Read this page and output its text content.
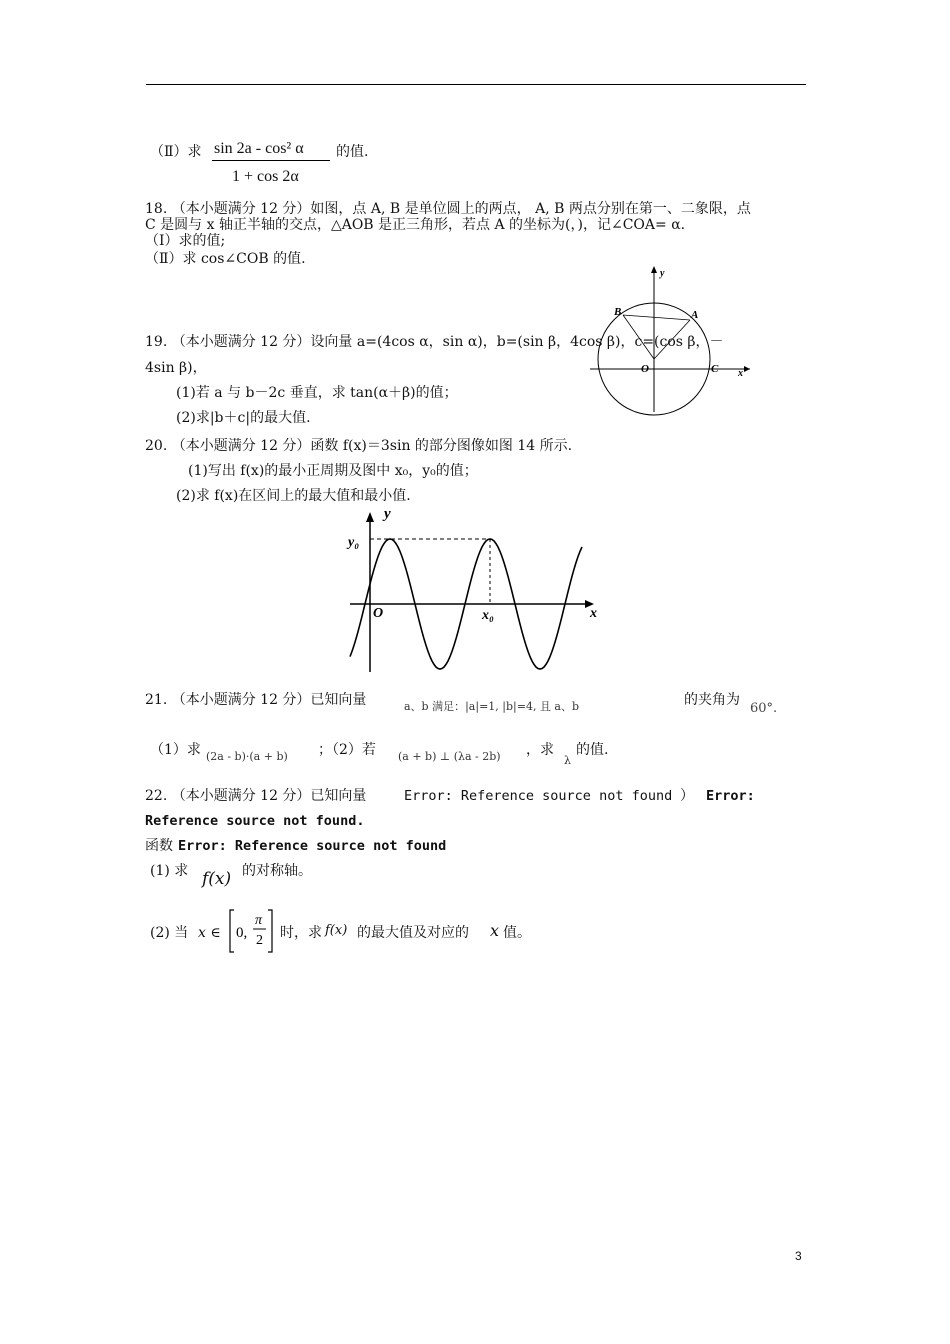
（Ⅱ）求 sin 2a - cos² α
1 + cos 2α
的值.
18. （本小题满分 12 分）如图，点 A, B 是单位圆上的两点， A, B 两点分别在第一、二象限，点
C 是圆与 x 轴正半轴的交点，△AOB 是正三角形，若点 A 的坐标为(，)，记∠COA= α.
（Ⅰ）求的值;
（Ⅱ）求 cos∠COB 的值.
B	A
O	C x
y
19. （本小题满分 12 分）设向量 a=(4cos α，sin α)，b=(sin β，4cos β)，c=(cos β，－
4sin β)，
(1)若 a 与 b－2c 垂直，求 tan(α＋β)的值；
(2)求|b＋c|的最大值.
20. （本小题满分 12 分）函数 f(x)＝3sin 的部分图像如图 14 所示.
(1)写出 f(x)的最小正周期及图中 x₀，y₀的值；
(2)求 f(x)在区间上的最大值和最小值.
y
y₀
O	x₀	x
21. （本小题满分 12 分）已知向量	a、b 满足：|a|=1, |b|=4, 且 a、b	的夹角为
60°.
（1）求 (2a - b)·(a + b) ；（2）若 (a + b) ⊥ (λa - 2b) ，求
λ
的值.
22. （本小题满分 12 分）已知向量	Error: Reference source not found ） Error:
Reference source not found.
函数 Error: Reference source not found
(1) 求 f(x) 的对称轴。
(2) 当 x ∈ 0,
π
2 时，求 f(x) 的最大值及对应的 x 值。
3
